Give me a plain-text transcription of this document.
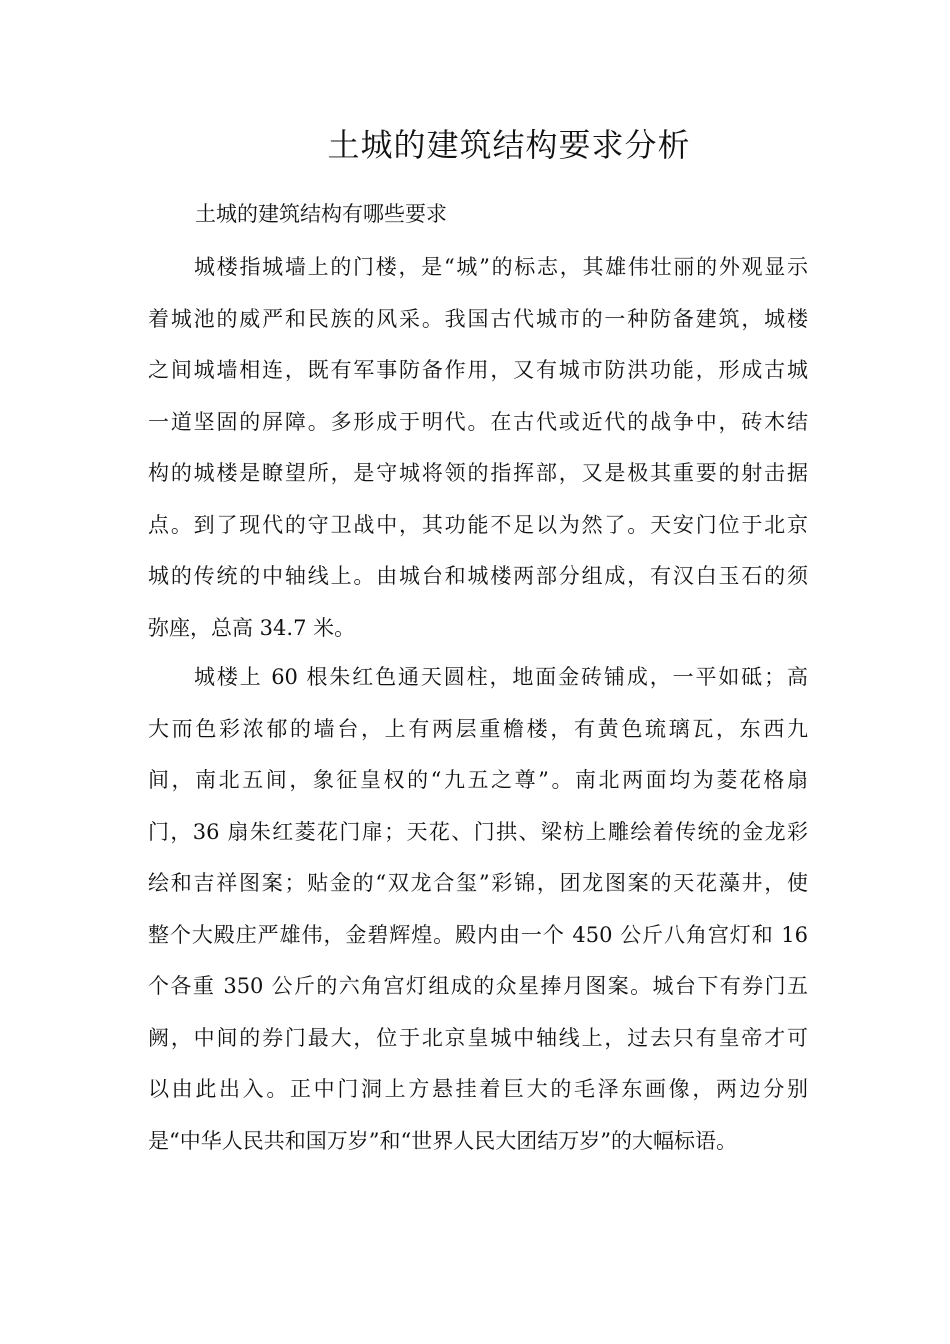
土城的建筑结构要求分析

土城的建筑结构有哪些要求

城楼指城墙上的门楼，是“城”的标志，其雄伟壮丽的外观显示
着城池的威严和民族的风采。我国古代城市的一种防备建筑，城楼
之间城墙相连，既有军事防备作用，又有城市防洪功能，形成古城
一道坚固的屏障。多形成于明代。在古代或近代的战争中，砖木结
构的城楼是瞭望所，是守城将领的指挥部，又是极其重要的射击据
点。到了现代的守卫战中，其功能不足以为然了。天安门位于北京
城的传统的中轴线上。由城台和城楼两部分组成，有汉白玉石的须
弥座，总高 34.7 米。
城楼上 60 根朱红色通天圆柱，地面金砖铺成，一平如砥；高
大而色彩浓郁的墙台，上有两层重檐楼，有黄色琉璃瓦，东西九
间，南北五间，象征皇权的“九五之尊”。南北两面均为菱花格扇
门，36 扇朱红菱花门扉；天花、门拱、梁枋上雕绘着传统的金龙彩
绘和吉祥图案；贴金的“双龙合玺”彩锦，团龙图案的天花藻井，使
整个大殿庄严雄伟，金碧辉煌。殿内由一个 450 公斤八角宫灯和 16
个各重 350 公斤的六角宫灯组成的众星捧月图案。城台下有券门五
阙，中间的券门最大，位于北京皇城中轴线上，过去只有皇帝才可
以由此出入。正中门洞上方悬挂着巨大的毛泽东画像，两边分别
是“中华人民共和国万岁”和“世界人民大团结万岁”的大幅标语。
